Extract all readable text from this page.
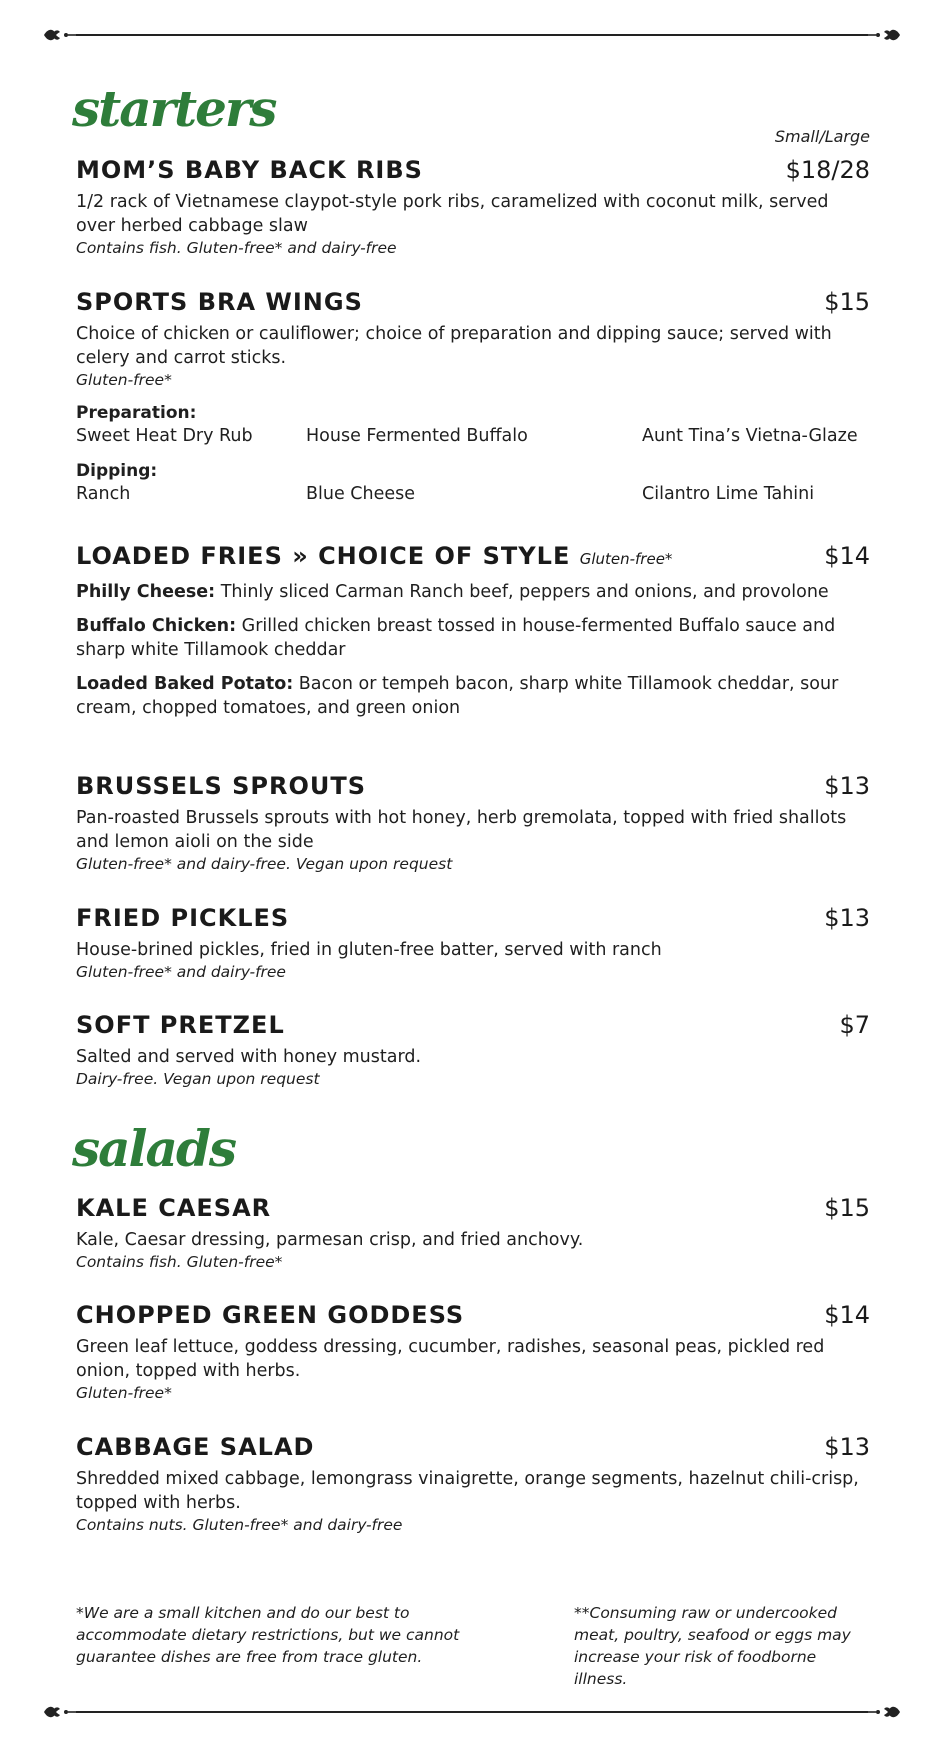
starters	Small/Large
MOM’S BABY BACK RIBS	$18/28
1/2 rack of Vietnamese claypot-style pork ribs, caramelized with coconut milk, served over herbed cabbage slaw
Contains fish. Gluten-free* and dairy-free
SPORTS BRA WINGS	$15
Choice of chicken or cauliflower; choice of preparation and dipping sauce; served with celery and carrot sticks.
Gluten-free*
Preparation:
Sweet Heat Dry Rub	House Fermented Buffalo	Aunt Tina’s Vietna-Glaze
Dipping:
Ranch	Blue Cheese	Cilantro Lime Tahini
LOADED FRIES » CHOICE OF STYLE Gluten-free*	$14
Philly Cheese: Thinly sliced Carman Ranch beef, peppers and onions, and provolone
Buffalo Chicken: Grilled chicken breast tossed in house-fermented Buffalo sauce and sharp white Tillamook cheddar
Loaded Baked Potato: Bacon or tempeh bacon, sharp white Tillamook cheddar, sour cream, chopped tomatoes, and green onion
BRUSSELS SPROUTS	$13
Pan-roasted Brussels sprouts with hot honey, herb gremolata, topped with fried shallots and lemon aioli on the side
Gluten-free* and dairy-free. Vegan upon request
FRIED PICKLES	$13
House-brined pickles, fried in gluten-free batter, served with ranch
Gluten-free* and dairy-free
SOFT PRETZEL	$7
Salted and served with honey mustard.
Dairy-free. Vegan upon request
salads
KALE CAESAR	$15
Kale, Caesar dressing, parmesan crisp, and fried anchovy.
Contains fish. Gluten-free*
CHOPPED GREEN GODDESS	$14
Green leaf lettuce, goddess dressing, cucumber, radishes, seasonal peas, pickled red onion, topped with herbs.
Gluten-free*
CABBAGE SALAD	$13
Shredded mixed cabbage, lemongrass vinaigrette, orange segments, hazelnut chili-crisp, topped with herbs.
Contains nuts. Gluten-free* and dairy-free
*We are a small kitchen and do our best to accommodate dietary restrictions, but we cannot guarantee dishes are free from trace gluten.
**Consuming raw or undercooked meat, poultry, seafood or eggs may increase your risk of foodborne illness.
